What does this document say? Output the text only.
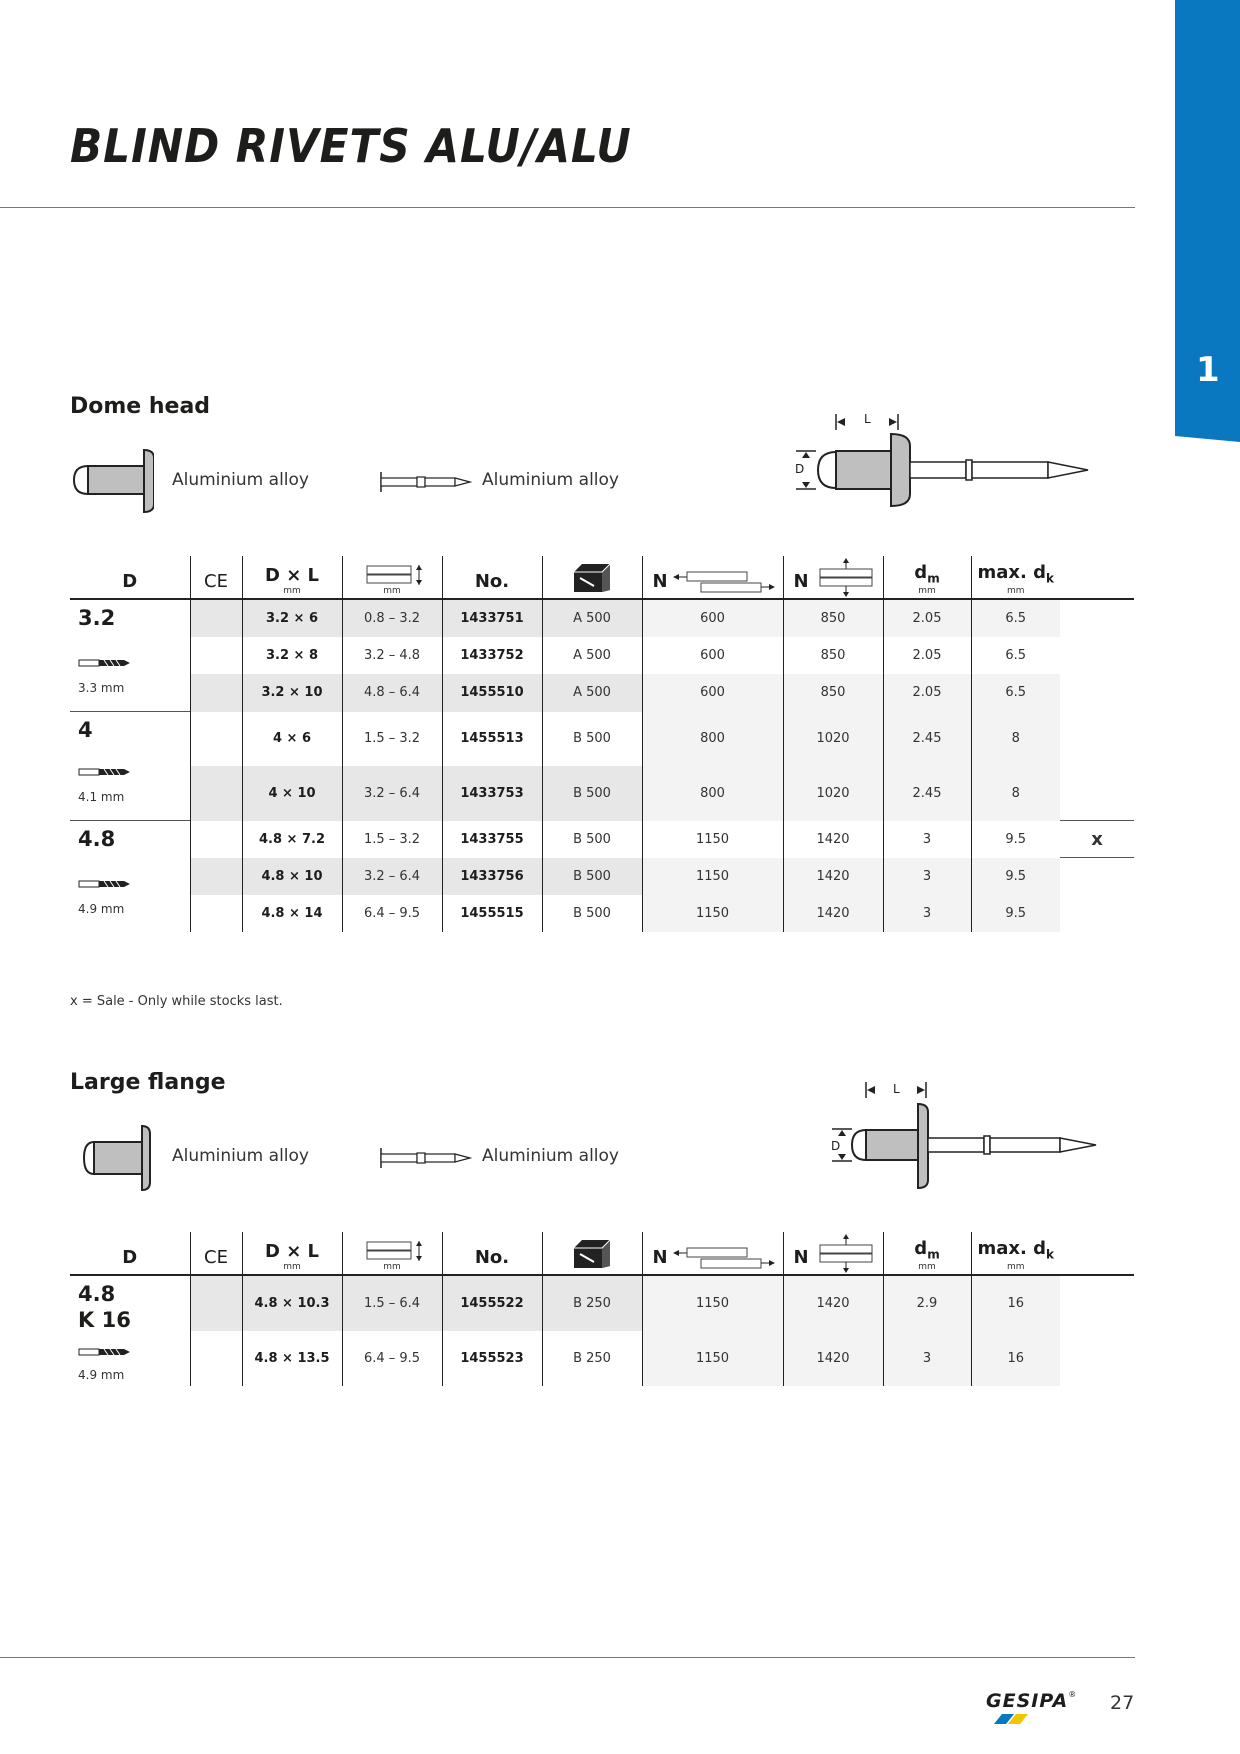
1
BLIND RIVETS ALU/ALU
Dome head
Aluminium alloy	Aluminium alloy
L
D
D	CE	D × L
mm	mm	No.		N	N	$d_m$
mm	max. $d_k$
mm	

3.2
3.3 mm		3.2 × 6	0.8 – 3.2	1433751	A 500	600	850	2.05	6.5	
		3.2 × 8	3.2 – 4.8	1433752	A 500	600	850	2.05	6.5	
		3.2 × 10	4.8 – 6.4	1455510	A 500	600	850	2.05	6.5	

4
4.1 mm		4 × 6	1.5 – 3.2	1455513	B 500	800	1020	2.45	8	
		4 × 10	3.2 – 6.4	1433753	B 500	800	1020	2.45	8	

4.8
4.9 mm		4.8 × 7.2	1.5 – 3.2	1433755	B 500	1150	1420	3	9.5	x
		4.8 × 10	3.2 – 6.4	1433756	B 500	1150	1420	3	9.5	
		4.8 × 14	6.4 – 9.5	1455515	B 500	1150	1420	3	9.5	
x = Sale - Only while stocks last.
Large flange
Aluminium alloy	Aluminium alloy
L
D
D	CE	D × L
mm	mm	No.		N	N	$d_m$
mm	max. $d_k$
mm	

4.8
K 16
4.9 mm		4.8 × 10.3	1.5 – 6.4	1455522	B 250	1150	1420	2.9	16	
		4.8 × 13.5	6.4 – 9.5	1455523	B 250	1150	1420	3	16	
GESIPA® 27
